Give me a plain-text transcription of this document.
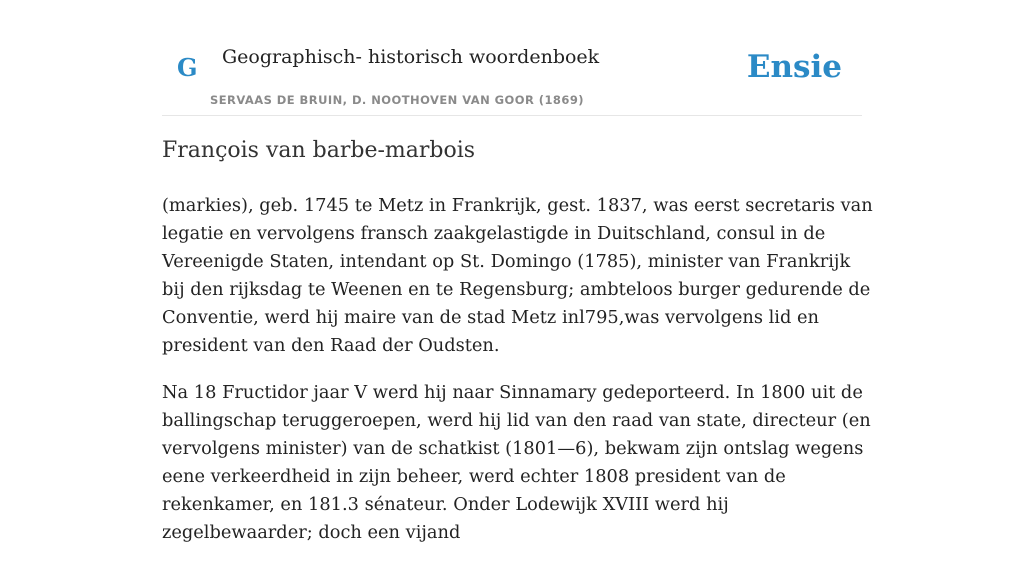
G Geographisch- historisch woordenboek
SERVAAS DE BRUIN, D. NOOTHOVEN VAN GOOR (1869)
Ensie
François van barbe-marbois

(markies), geb. 1745 te Metz in Frankrijk, gest. 1837, was eerst secretaris van legatie en vervolgens fransch zaakgelastigde in Duitschland, consul in de Vereenigde Staten, intendant op St. Domingo (1785), minister van Frankrijk bij den rijksdag te Weenen en te Regensburg; ambteloos burger gedurende de Conventie, werd hij maire van de stad Metz inl795,was vervolgens lid en president van den Raad der Oudsten.

Na 18 Fructidor jaar V werd hij naar Sinnamary gedeporteerd. In 1800 uit de ballingschap teruggeroepen, werd hij lid van den raad van state, directeur (en vervolgens minister) van de schatkist (1801—6), bekwam zijn ontslag wegens eene verkeerdheid in zijn beheer, werd echter 1808 president van de rekenkamer, en 181.3 sénateur. Onder Lodewijk XVIII werd hij zegelbewaarder; doch een vijand
